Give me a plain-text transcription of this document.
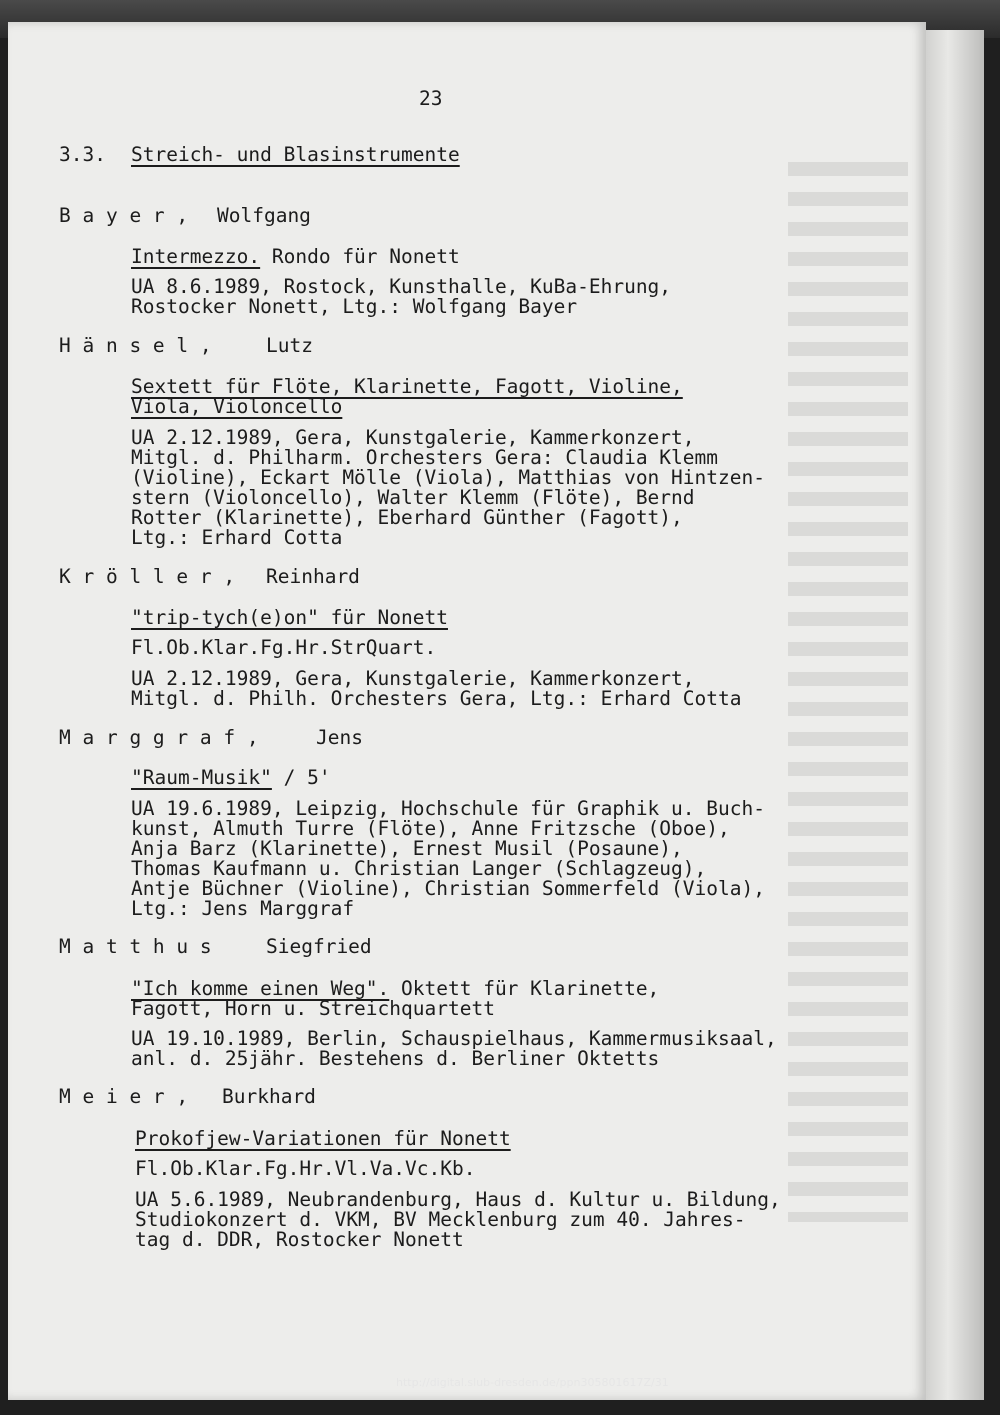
23
3.3. Streich- und Blasinstrumente
B a y e r , Wolfgang
Intermezzo. Rondo für Nonett
UA 8.6.1989, Rostock, Kunsthalle, KuBa-Ehrung,
Rostocker Nonett, Ltg.: Wolfgang Bayer
H ä n s e l ,	Lutz
Sextett für Flöte, Klarinette, Fagott, Violine,
Viola, Violoncello
UA 2.12.1989, Gera, Kunstgalerie, Kammerkonzert,
Mitgl. d. Philharm. Orchesters Gera: Claudia Klemm
(Violine), Eckart Mölle (Viola), Matthias von Hintzen-
stern (Violoncello), Walter Klemm (Flöte), Bernd
Rotter (Klarinette), Eberhard Günther (Fagott),
Ltg.: Erhard Cotta
K r ö l l e r , Reinhard
"trip-tych(e)on" für Nonett
Fl.Ob.Klar.Fg.Hr.StrQuart.
UA 2.12.1989, Gera, Kunstgalerie, Kammerkonzert,
Mitgl. d. Philh. Orchesters Gera, Ltg.: Erhard Cotta
M a r g g r a f ,	Jens
"Raum-Musik" / 5'
UA 19.6.1989, Leipzig, Hochschule für Graphik u. Buch-
kunst, Almuth Turre (Flöte), Anne Fritzsche (Oboe),
Anja Barz (Klarinette), Ernest Musil (Posaune),
Thomas Kaufmann u. Christian Langer (Schlagzeug),
Antje Büchner (Violine), Christian Sommerfeld (Viola),
Ltg.: Jens Marggraf
M a t t h u s	Siegfried
"Ich komme einen Weg". Oktett für Klarinette,
Fagott, Horn u. Streichquartett
UA 19.10.1989, Berlin, Schauspielhaus, Kammermusiksaal,
anl. d. 25jähr. Bestehens d. Berliner Oktetts
M e i e r , Burkhard
Prokofjew-Variationen für Nonett
Fl.Ob.Klar.Fg.Hr.Vl.Va.Vc.Kb.
UA 5.6.1989, Neubrandenburg, Haus d. Kultur u. Bildung,
Studiokonzert d. VKM, BV Mecklenburg zum 40. Jahres-
tag d. DDR, Rostocker Nonett
http://digital.slub-dresden.de/ppn305801617Z/31
